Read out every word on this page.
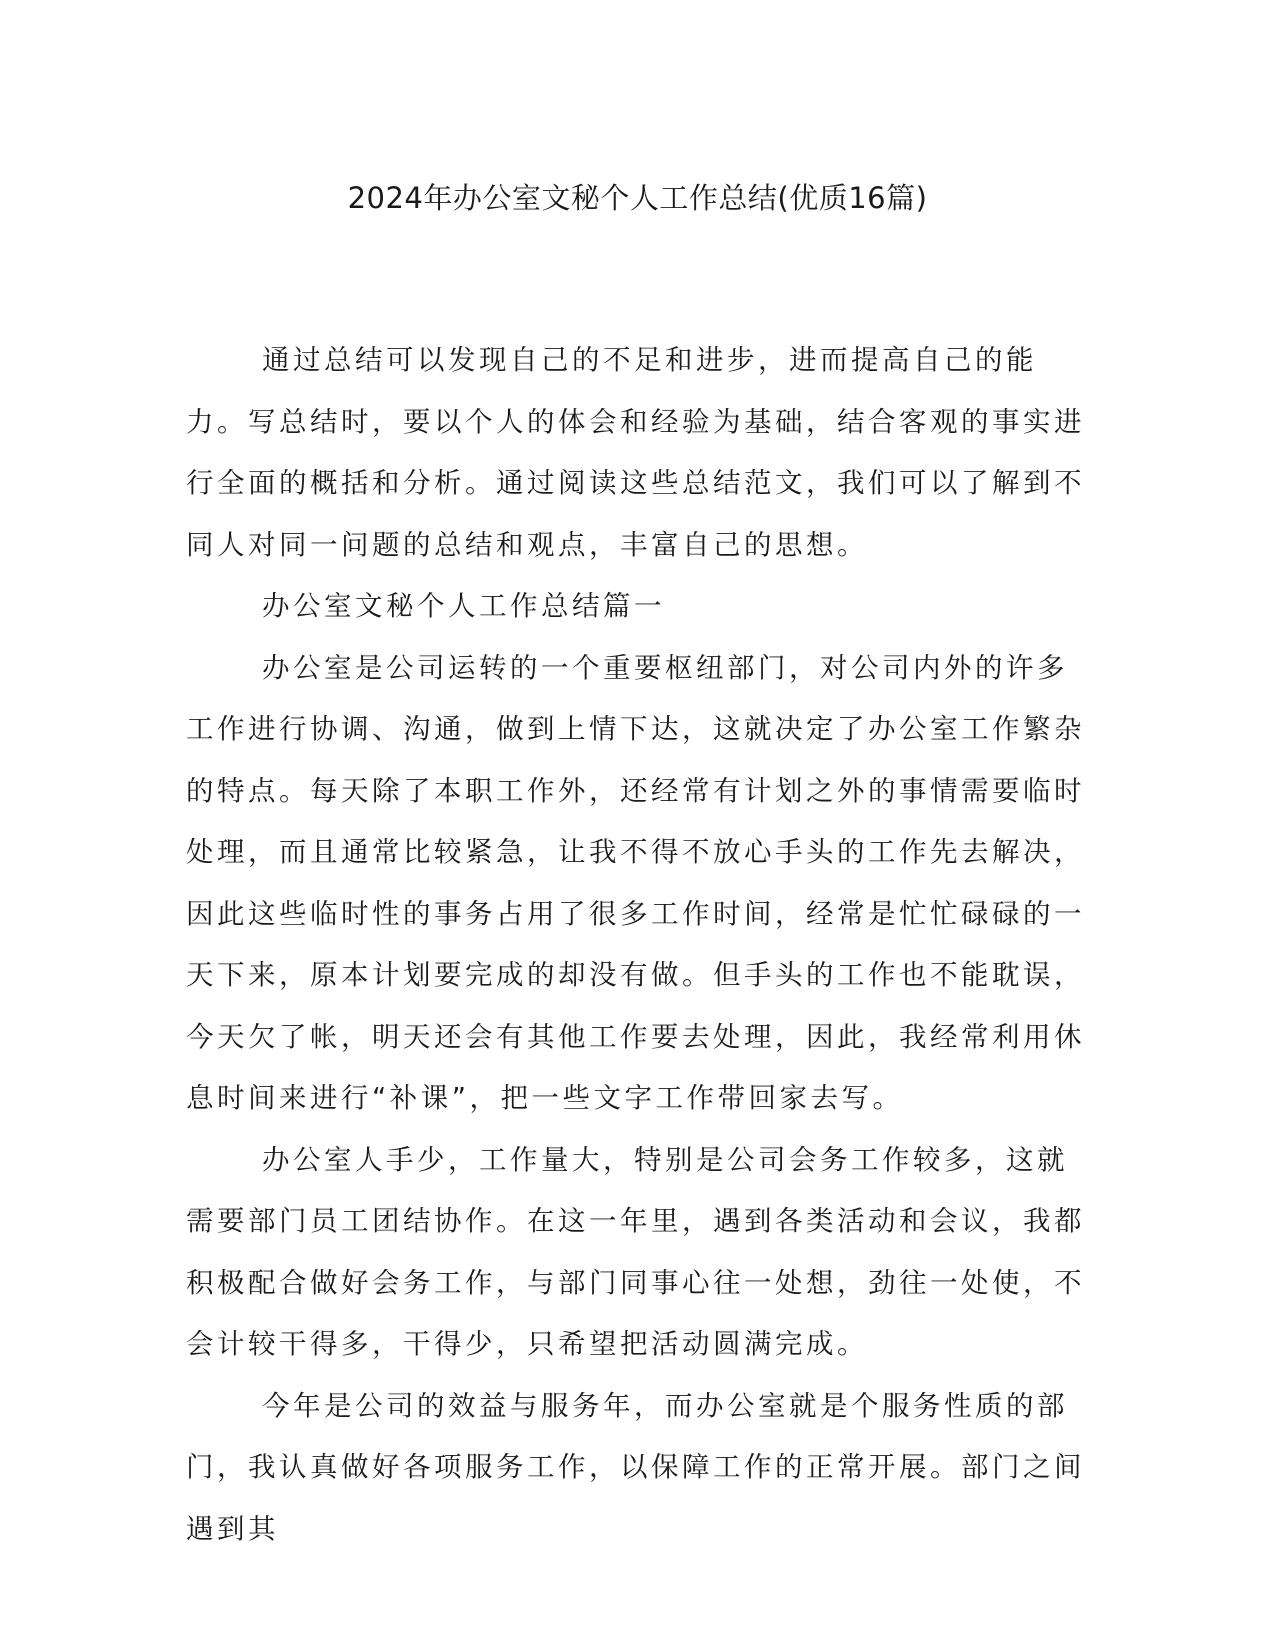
2024年办公室文秘个人工作总结(优质16篇)

通过总结可以发现自己的不足和进步，进而提高自己的能力。写总结时，要以个人的体会和经验为基础，结合客观的事实进行全面的概括和分析。通过阅读这些总结范文，我们可以了解到不同人对同一问题的总结和观点，丰富自己的思想。

办公室文秘个人工作总结篇一

办公室是公司运转的一个重要枢纽部门，对公司内外的许多工作进行协调、沟通，做到上情下达，这就决定了办公室工作繁杂的特点。每天除了本职工作外，还经常有计划之外的事情需要临时处理，而且通常比较紧急，让我不得不放心手头的工作先去解决，因此这些临时性的事务占用了很多工作时间，经常是忙忙碌碌的一天下来，原本计划要完成的却没有做。但手头的工作也不能耽误，今天欠了帐，明天还会有其他工作要去处理，因此，我经常利用休息时间来进行“补课”，把一些文字工作带回家去写。

办公室人手少，工作量大，特别是公司会务工作较多，这就需要部门员工团结协作。在这一年里，遇到各类活动和会议，我都积极配合做好会务工作，与部门同事心往一处想，劲往一处使，不会计较干得多，干得少，只希望把活动圆满完成。

今年是公司的效益与服务年，而办公室就是个服务性质的部门，我认真做好各项服务工作，以保障工作的正常开展。部门之间遇到其
